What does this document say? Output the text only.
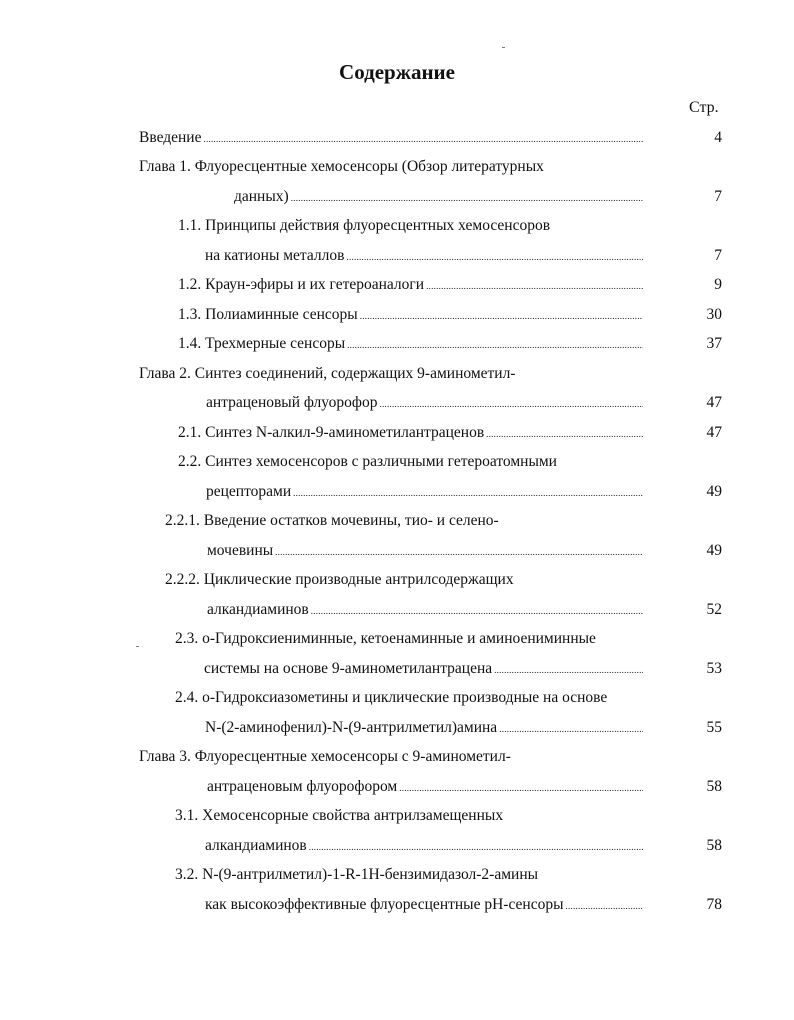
Содержание
Стр.
Введение . . .	4
Глава 1. Флуоресцентные хемосенсоры (Обзор литературных
данных) . . .	7
1.1. Принципы действия флуоресцентных хемосенсоров
на катионы металлов . . .	7
1.2. Краун-эфиры и их гетероаналоги . . .	9
1.3. Полиаминные сенсоры . . .	30
1.4. Трехмерные сенсоры . . .	37
Глава 2. Синтез соединений, содержащих 9-аминометил-
антраценовый флуорофор . . .	47
2.1. Синтез N-алкил-9-аминометилантраценов . . .	47
2.2. Синтез хемосенсоров с различными гетероатомными
рецепторами . . .	49
2.2.1. Введение остатков мочевины, тио- и селено-
мочевины . . .	49
2.2.2. Циклические производные антрилсодержащих
алкандиаминов . . .	52
2.3. о-Гидроксиениминные, кетоенаминные и аминоениминные
системы на основе 9-аминометилантрацена . . .	53
2.4. о-Гидроксиазометины и циклические производные на основе
N-(2-аминофенил)-N-(9-антрилметил)амина . . .	55
Глава 3. Флуоресцентные хемосенсоры с 9-аминометил-
антраценовым флуорофором . . .	58
3.1. Хемосенсорные свойства антрилзамещенных
алкандиаминов . . .	58
3.2. N-(9-антрилметил)-1-R-1H-бензимидазол-2-амины
как высокоэффективные флуоресцентные pH-сенсоры . . .	78
